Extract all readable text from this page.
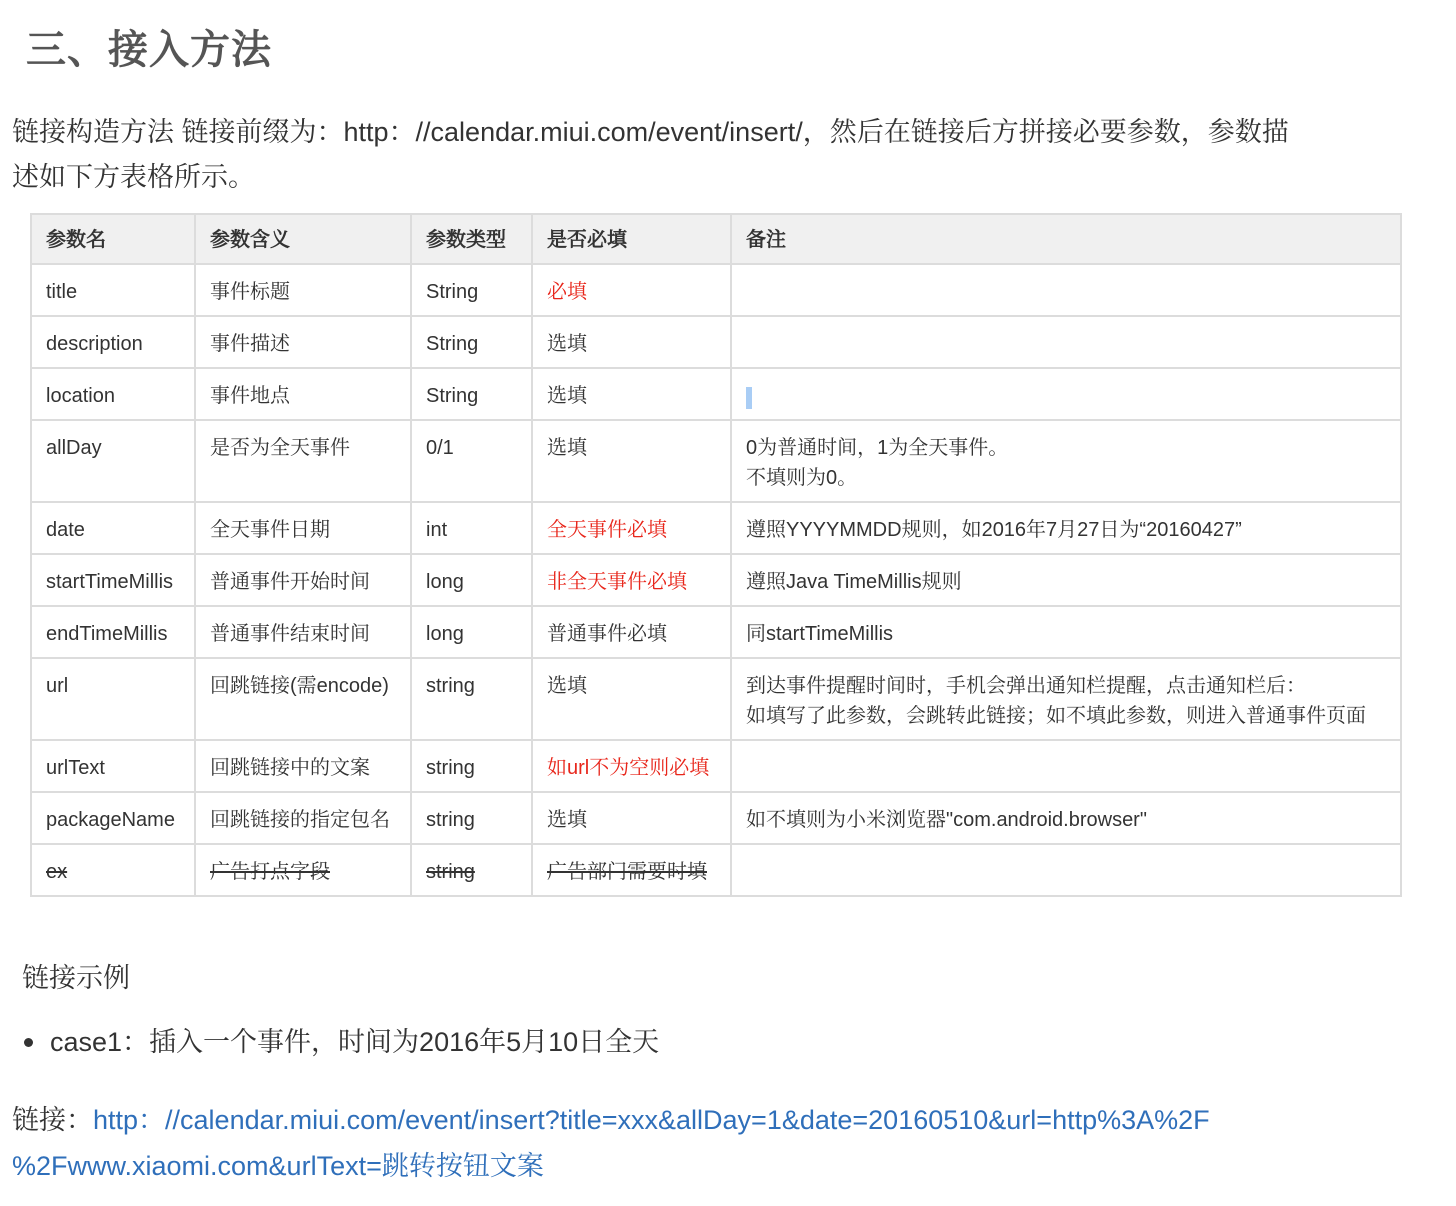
三、接入方法

链接构造方法 链接前缀为：http：//calendar.miui.com/event/insert/，然后在链接后方拼接必要参数，参数描
述如下方表格所示。

参数名	参数含义	参数类型	是否必填	备注
title	事件标题	String	必填	
description	事件描述	String	选填	
location	事件地点	String	选填	
allDay	是否为全天事件	0/1	选填	0为普通时间，1为全天事件。
不填则为0。

date	全天事件日期	int	全天事件必填	遵照YYYYMMDD规则，如2016年7月27日为“20160427”
startTimeMillis	普通事件开始时间	long	非全天事件必填	遵照Java TimeMillis规则
endTimeMillis	普通事件结束时间	long	普通事件必填	同startTimeMillis
url	回跳链接(需encode)	string	选填	到达事件提醒时间时，手机会弹出通知栏提醒，点击通知栏后：
如填写了此参数，会跳转此链接；如不填此参数，则进入普通事件页面

urlText	回跳链接中的文案	string	如url不为空则必填	
packageName	回跳链接的指定包名	string	选填	如不填则为小米浏览器"com.android.browser"
ex	广告打点字段	string	广告部门需要时填	

链接示例

case1：插入一个事件，时间为2016年5月10日全天

链接：http：//calendar.miui.com/event/insert?title=xxx&allDay=1&date=20160510&url=http%3A%2F
%2Fwww.xiaomi.com&urlText=跳转按钮文案
